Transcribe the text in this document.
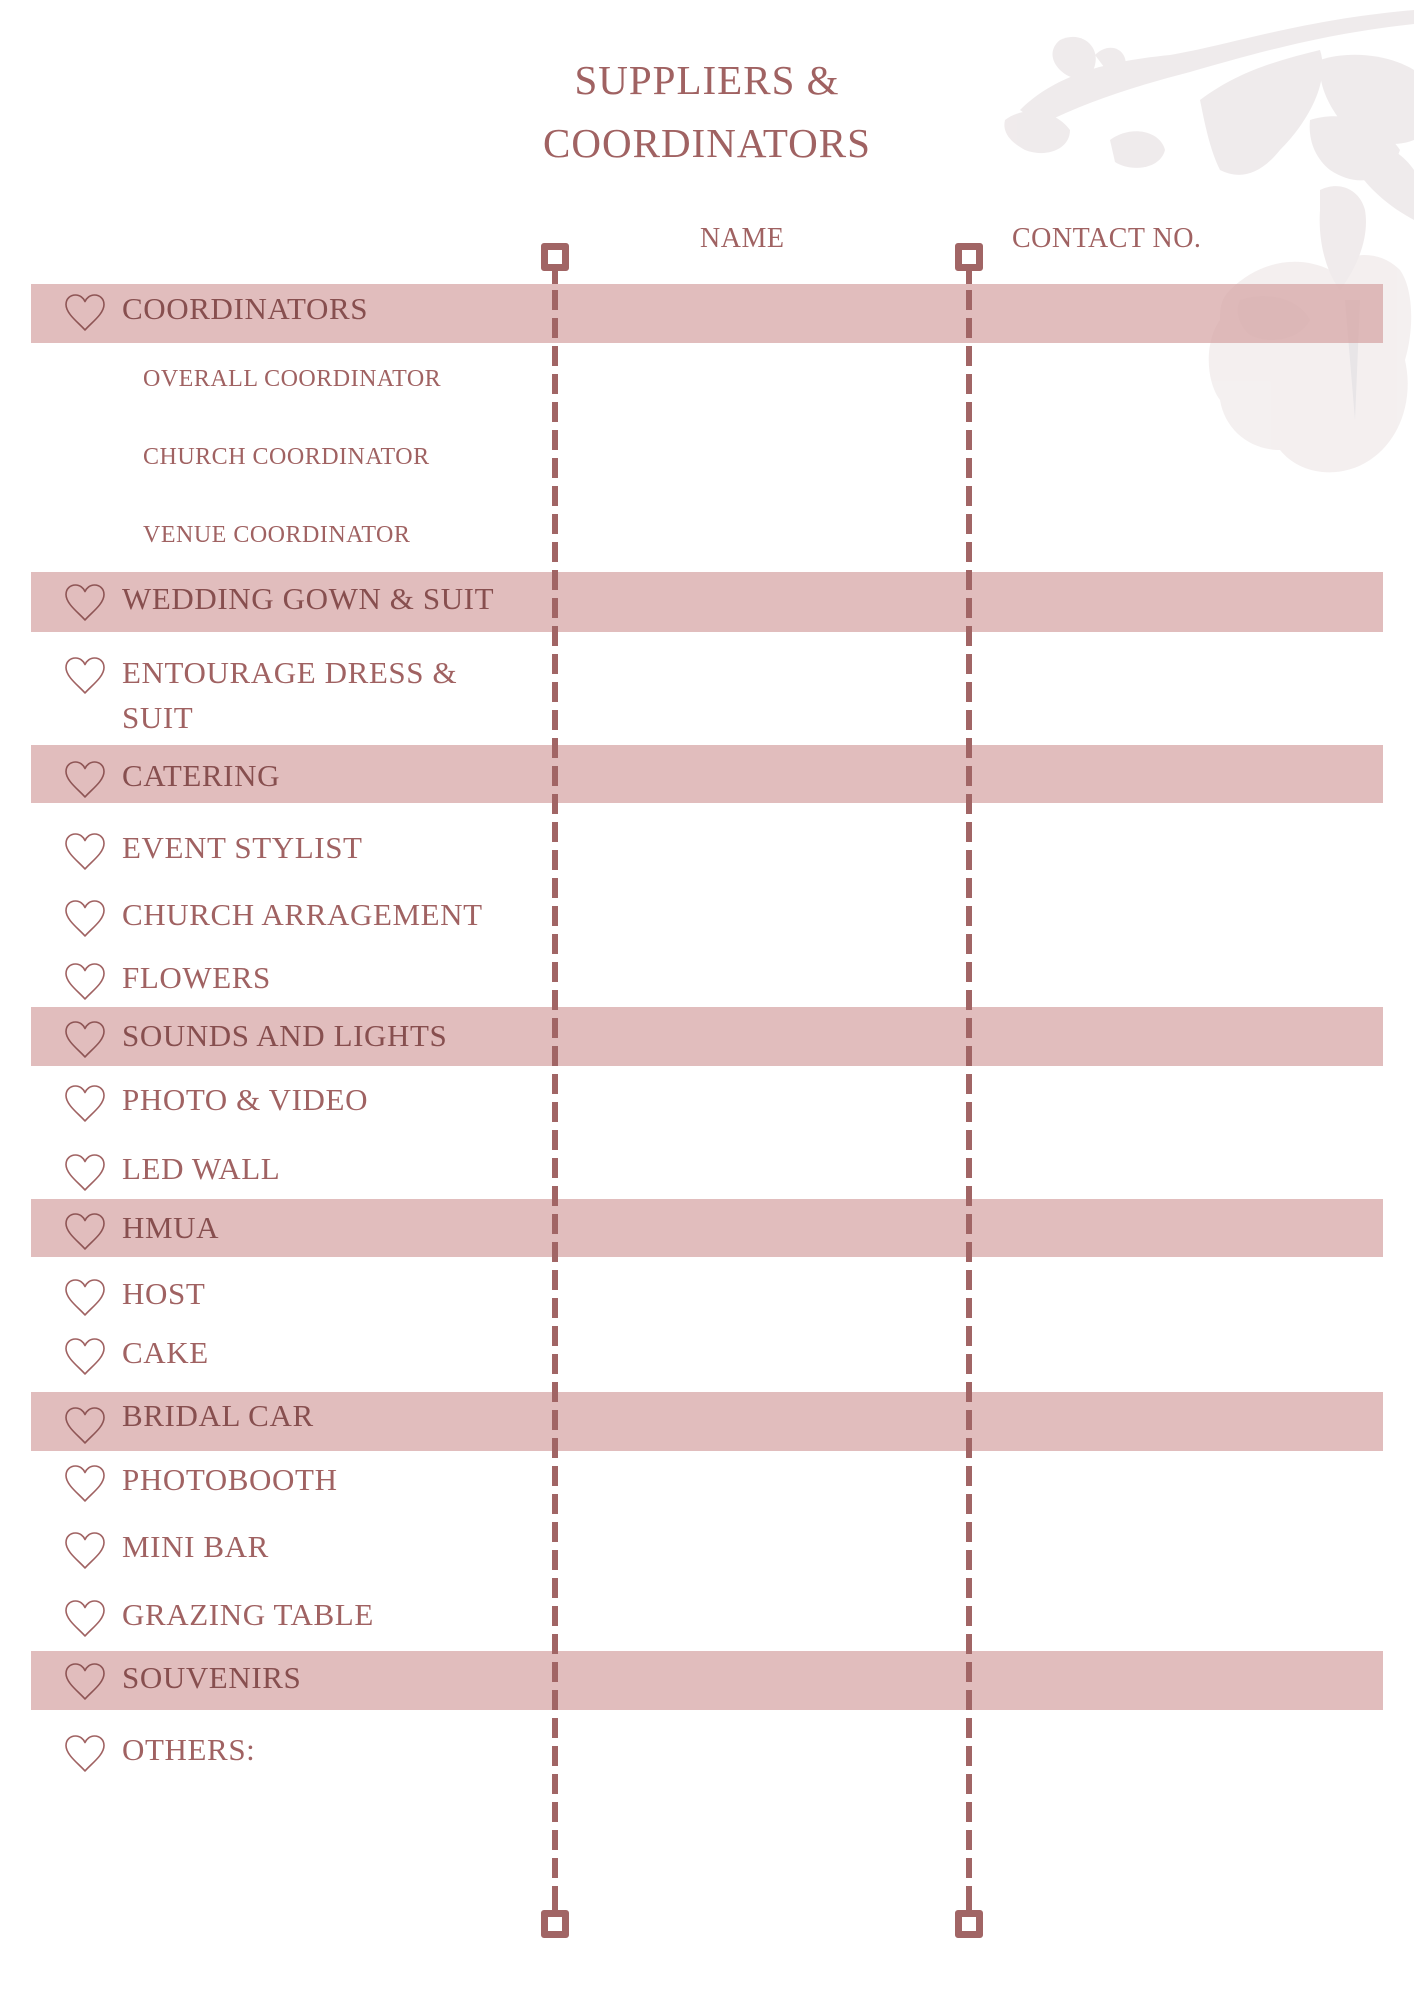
SUPPLIERS &
COORDINATORS
NAME	CONTACT NO.
COORDINATORS
OVERALL COORDINATOR
CHURCH COORDINATOR
VENUE COORDINATOR
WEDDING GOWN & SUIT
ENTOURAGE DRESS & SUIT
CATERING
EVENT STYLIST
CHURCH ARRAGEMENT
FLOWERS
SOUNDS AND LIGHTS
PHOTO & VIDEO
LED WALL
HMUA
HOST
CAKE
BRIDAL CAR
PHOTOBOOTH
MINI BAR
GRAZING TABLE
SOUVENIRS
OTHERS:
